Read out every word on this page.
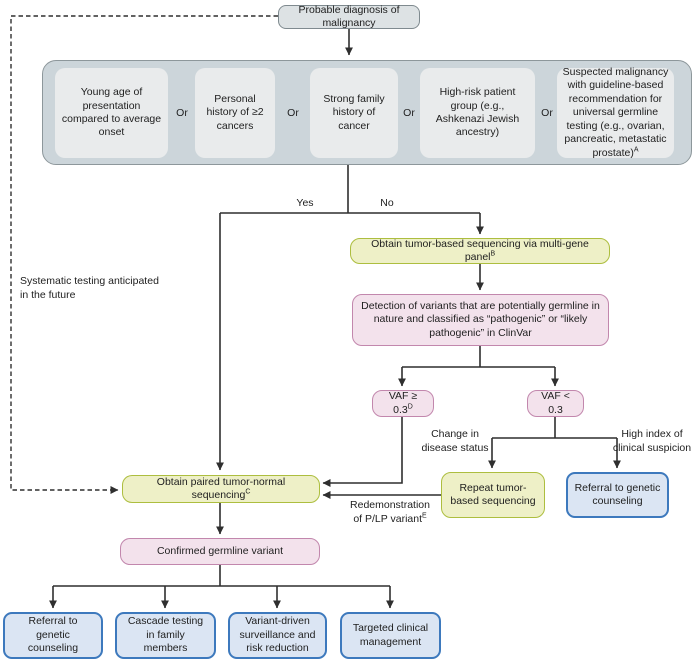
Probable diagnosis of malignancy
Young age of presentation compared to average onset
Or
Personal history of ≥2 cancers
Or
Strong family history of cancer
Or
High-risk patient group (e.g., Ashkenazi Jewish ancestry)
Or
Suspected malignancy with guideline-based recommendation for universal germline testing (e.g., ovarian, pancreatic, metastatic prostate)$^A$
Yes	No
Systematic testing anticipated
in the future
Obtain tumor-based sequencing via multi-gene panel$^B$
Detection of variants that are potentially germline in nature and classified as “pathogenic” or “likely pathogenic” in ClinVar
VAF ≥ $0.3^D$
VAF < 0.3
Change in
disease status
High index of
clinical suspicion
Repeat tumor-based sequencing
Referral to genetic counseling
Redemonstration
of P/LP variant$^E$
Obtain paired tumor-normal sequencing$^C$
Confirmed germline variant
Referral to genetic counseling
Cascade testing in family members
Variant-driven surveillance and risk reduction
Targeted clinical management
